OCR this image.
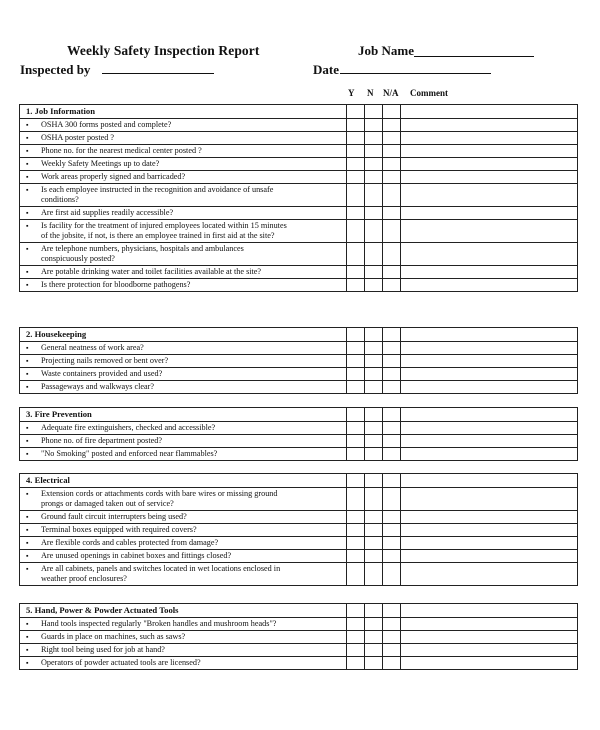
Weekly Safety Inspection Report	Job Name
Inspected by	Date
Y N N/A Comment
1. Job Information				
▪ OSHA 300 forms posted and complete?				
▪ OSHA poster posted ?				
▪ Phone no. for the nearest medical center posted ?				
▪ Weekly Safety Meetings up to date?				
▪ Work areas properly signed and barricaded?				
▪ Is each employee instructed in the recognition and avoidance of unsafe conditions?				
▪ Are first aid supplies readily accessible?				
▪ Is facility for the treatment of injured employees located within 15 minutes of the jobsite, if not, is there an employee trained in first aid at the site?				
▪ Are telephone numbers, physicians, hospitals and ambulances conspicuously posted?				
▪ Are potable drinking water and toilet facilities available at the site?				
▪ Is there protection for bloodborne pathogens?				
2. Housekeeping				
▪ General neatness of work area?				
▪ Projecting nails removed or bent over?				
▪ Waste containers provided and used?				
▪ Passageways and walkways clear?				
3. Fire Prevention				
▪ Adequate fire extinguishers, checked and accessible?				
▪ Phone no. of fire department posted?				
▪ "No Smoking" posted and enforced near flammables?				
4. Electrical				
▪ Extension cords or attachments cords with bare wires or missing ground prongs or damaged taken out of service?				
▪ Ground fault circuit interrupters being used?				
▪ Terminal boxes equipped with required covers?				
▪ Are flexible cords and cables protected from damage?				
▪ Are unused openings in cabinet boxes and fittings closed?				
▪ Are all cabinets, panels and switches located in wet locations enclosed in weather proof enclosures?				
5. Hand, Power & Powder Actuated Tools				
▪ Hand tools inspected regularly "Broken handles and mushroom heads"?				
▪ Guards in place on machines, such as saws?				
▪ Right tool being used for job at hand?				
▪ Operators of powder actuated tools are licensed?				
